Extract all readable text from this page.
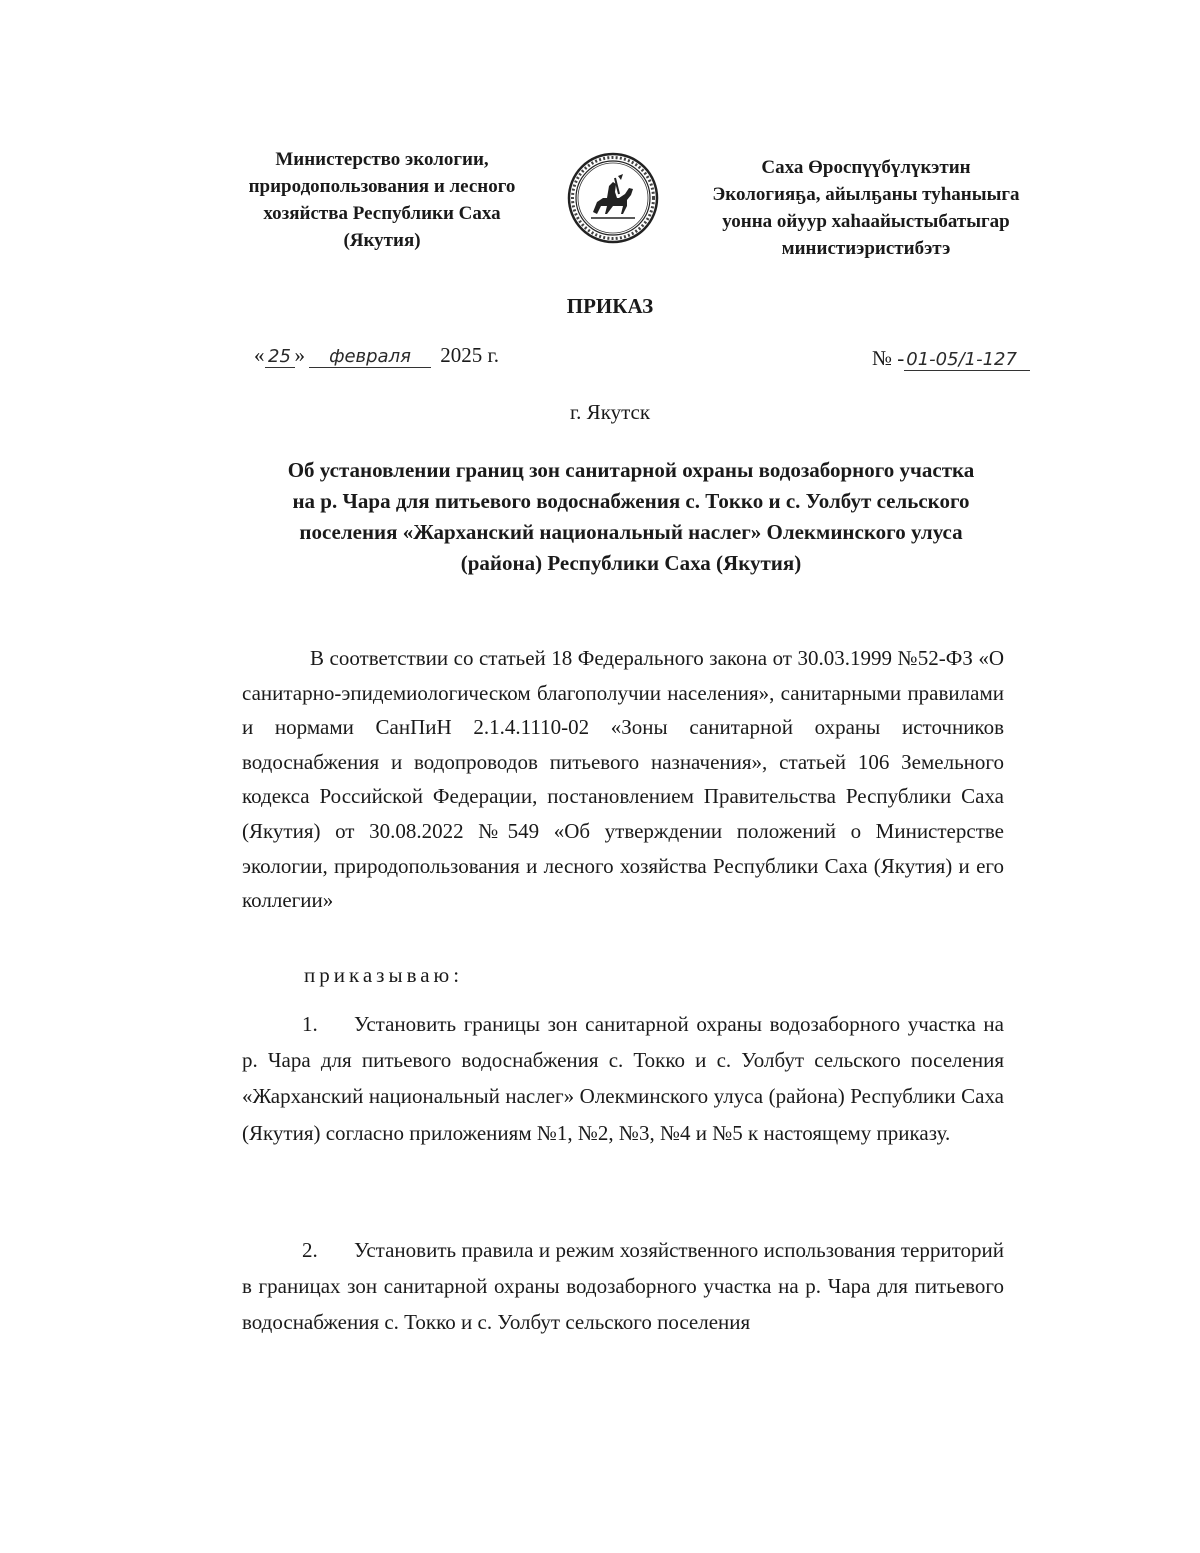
Министерство экологии,
природопользования и лесного
хозяйства Республики Саха
(Якутия)
Саха Өроспүүбүлүкэтин
Экологияҕа, айылҕаны туһаныыга
уонна ойуур хаһаайыстыбатыгар
министиэристибэтэ
ПРИКАЗ
« 25 » февраля 2025 г.	№ - 01-05/1-127
г. Якутск
Об установлении границ зон санитарной охраны водозаборного участка
на р. Чара для питьевого водоснабжения с. Токко и с. Уолбут сельского
поселения «Жарханский национальный наслег» Олекминского улуса
(района) Республики Саха (Якутия)
В соответствии со статьей 18 Федерального закона от 30.03.1999 №52-ФЗ «О санитарно-эпидемиологическом благополучии населения», санитарными правилами и нормами СанПиН 2.1.4.1110-02 «Зоны санитарной охраны источников водоснабжения и водопроводов питьевого назначения», статьей 106 Земельного кодекса Российской Федерации, постановлением Правительства Республики Саха (Якутия) от 30.08.2022 №549 «Об утверждении положений о Министерстве экологии, природопользования и лесного хозяйства Республики Саха (Якутия) и его коллегии»
приказываю:
1. Установить границы зон санитарной охраны водозаборного участка на р. Чара для питьевого водоснабжения с. Токко и с. Уолбут сельского поселения «Жарханский национальный наслег» Олекминского улуса (района) Республики Саха (Якутия) согласно приложениям №1, №2, №3, №4 и №5 к настоящему приказу.
2. Установить правила и режим хозяйственного использования территорий в границах зон санитарной охраны водозаборного участка на р. Чара для питьевого водоснабжения с. Токко и с. Уолбут сельского поселения
